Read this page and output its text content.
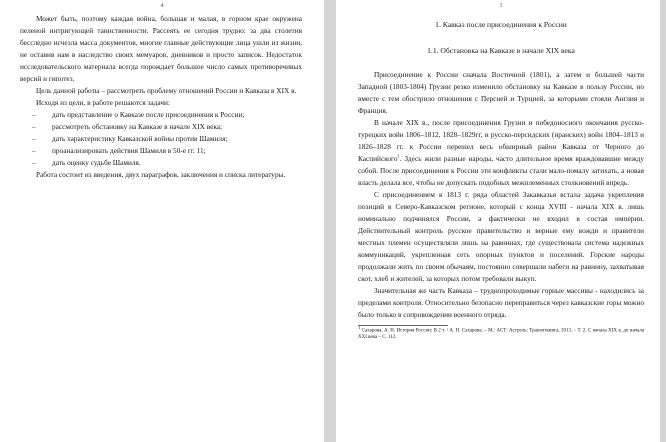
4

Может быть, поэтому каждая война, большая и малая, в горном крае окружена пеленой интригующей таинственности. Рассеять ее сегодня трудно: за два столетия бесследно исчезла масса документов, многие главные действующие лица ушли из жизни, не оставив нам в наследство своих мемуаров, дневников и просто записок. Недостаток исследовательского материала всегда порождает большое число самых противоречивых версий и гипотез.

Цель данной работы – рассмотреть проблему отношений России и Кавказа в XIX в.

Исходя из цели, в работе решаются задачи:

– дать представление о Кавказе после присоединения к России;
– рассмотреть обстановку на Кавказе в начале XIX века;
– дать характеристику Кавказской войны против Шамиля;
– проанализировать действия Шамиля в 50-е гг. 11;
– дать оценку судьбе Шамиля.

Работа состоит из введения, двух параграфов, заключения и списка литературы.

3

1. Кавказ после присоединения к России

1.1. Обстановка на Кавказе в начале XIX века

Присоединение к России сначала Восточной (1801), а затем и большей части Западной (1803-1804) Грузии резко изменило обстановку на Кавказе в пользу России, но вместе с тем обострило отношения с Персией и Турцией, за которыми стояли Англия и Франция.

В начале XIX в., после присоединения Грузии и победоносного окончания русско-турецких войн 1806–1812, 1828–1829гг, и русско-персидских (иранских) войн 1804–1813 и 1826–1828 гг. к России перешел весь обширный район Кавказа от Черного до Каспийского$^1$. Здесь жили разные народы, часто длительное время враждовавшие между собой. После присоединения к России эти конфликты стали мало-помалу затихать, а новая власть делала все, чтобы не допускать подобных межплеменных столкновений впредь.

С присоединением в 1813 г. ряда областей Закавказья встала задача укрепления позиций в Северо-Кавказском регионе, который с конца XVIII - начала XIX в. лишь номинально подчинялся России, а фактически не входил в состав империи. Действительный контроль русское правительство и верные ему вожди и правители местных племен осуществляли лишь на равнинах, где существовала система надежных коммуникаций, укрепленная сеть опорных пунктов и поселений. Горские народы продолжали жить по своим обычаям, постоянно совершали набеги на равнину, захватывая скот, хлеб и жителей, за которых потом требовали выкуп.

Значительная же часть Кавказа – труднопроходимые горные массивы - находились за пределами контроля. Относительно безопасно переправиться через кавказские горы можно было только в сопровождении военного отряда.

$^1$ Сахарова, А. Н. История России: В 2 т. / А. Н. Сахарова. – М.: АСТ: Астрель: Транзиткнига, 2013. – Т. 2. С начала XIX в. до начала XXI века – С. 112.
